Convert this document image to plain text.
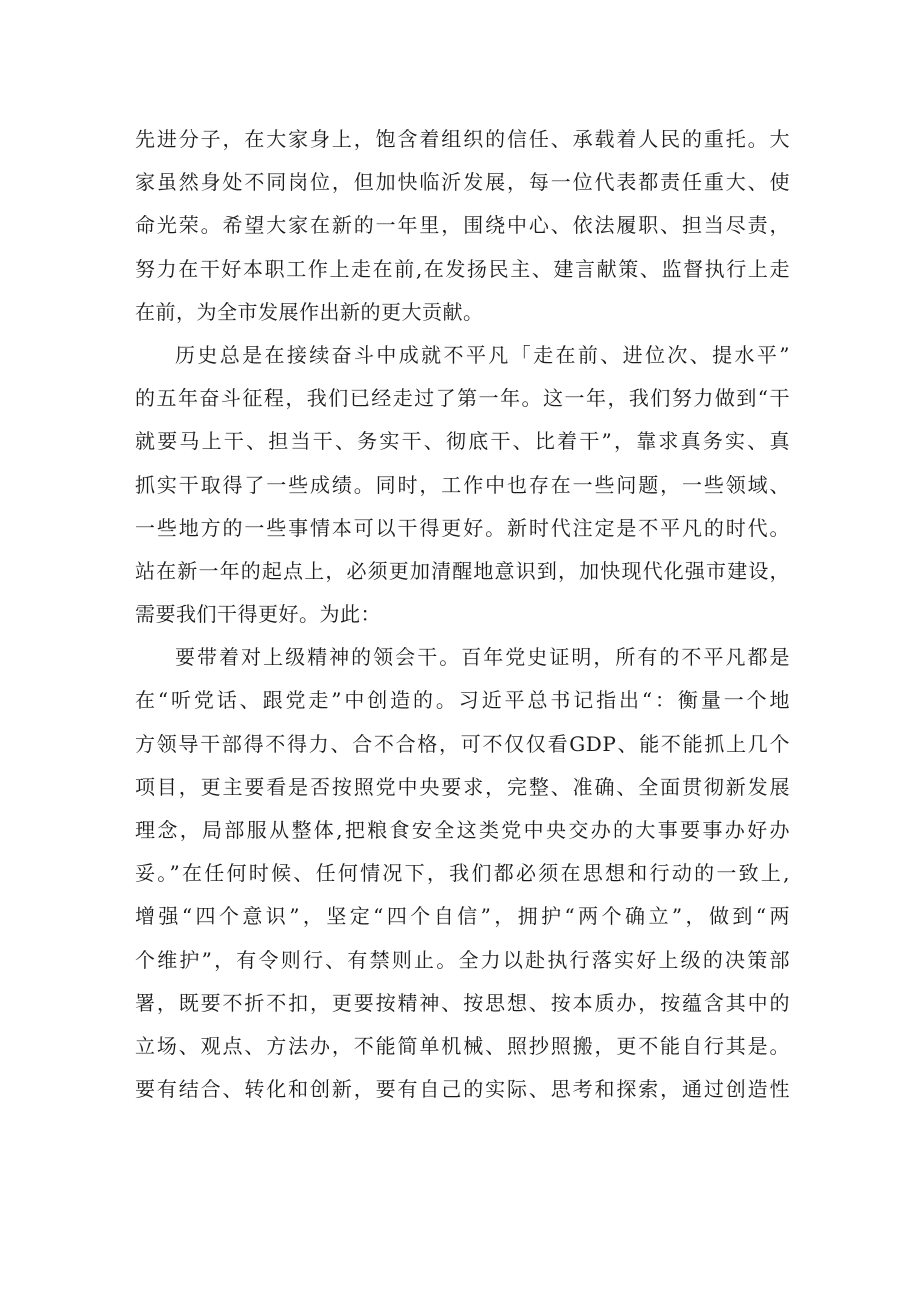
先进分子，在大家身上，饱含着组织的信任、承载着人民的重托。大
家虽然身处不同岗位，但加快临沂发展，每一位代表都责任重大、使
命光荣。希望大家在新的一年里，围绕中心、依法履职、担当尽责，
努力在干好本职工作上走在前,在发扬民主、建言献策、监督执行上走
在前，为全市发展作出新的更大贡献。
历史总是在接续奋斗中成就不平凡「走在前、进位次、提水平”
的五年奋斗征程，我们已经走过了第一年。这一年，我们努力做到“干
就要马上干、担当干、务实干、彻底干、比着干”，靠求真务实、真
抓实干取得了一些成绩。同时，工作中也存在一些问题，一些领域、
一些地方的一些事情本可以干得更好。新时代注定是不平凡的时代。
站在新一年的起点上，必须更加清醒地意识到，加快现代化强市建设，
需要我们干得更好。为此：
要带着对上级精神的领会干。百年党史证明，所有的不平凡都是
在“听党话、跟党走”中创造的。习近平总书记指出“：衡量一个地
方领导干部得不得力、合不合格，可不仅仅看GDP、能不能抓上几个
项目，更主要看是否按照党中央要求，完整、准确、全面贯彻新发展
理念，局部服从整体,把粮食安全这类党中央交办的大事要事办好办
妥。”在任何时候、任何情况下，我们都必须在思想和行动的一致上,
增强“四个意识”，坚定“四个自信”，拥护“两个确立”，做到“两
个维护”，有令则行、有禁则止。全力以赴执行落实好上级的决策部
署，既要不折不扣，更要按精神、按思想、按本质办，按蕴含其中的
立场、观点、方法办，不能简单机械、照抄照搬，更不能自行其是。
要有结合、转化和创新，要有自己的实际、思考和探索，通过创造性
